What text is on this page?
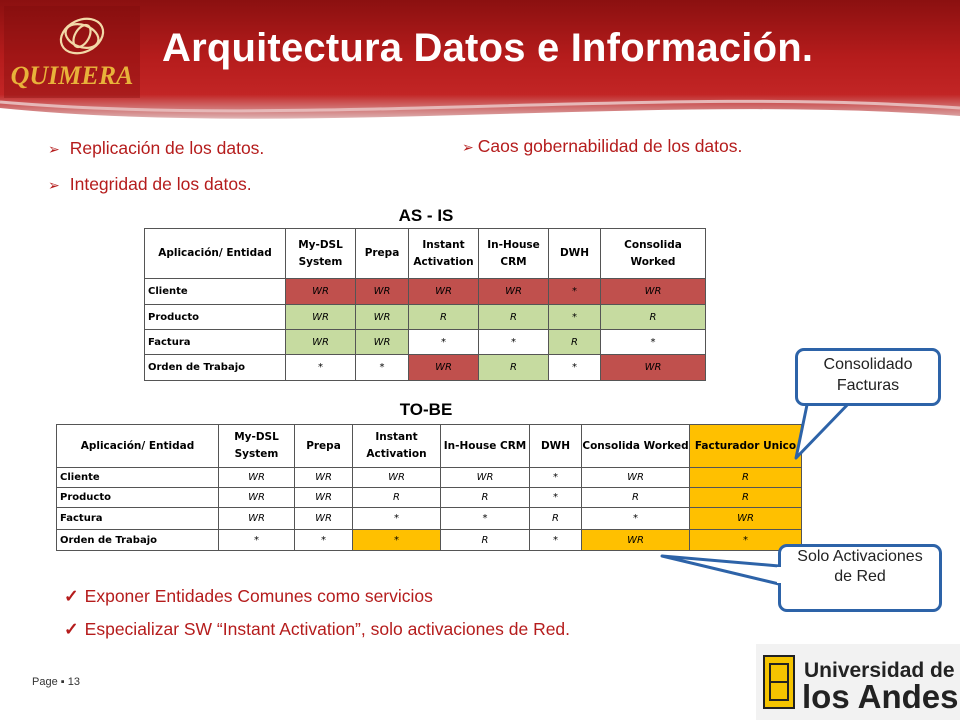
QUIMERA
Arquitectura Datos e Información.
➢ Replicación de los datos.
➢ Integridad de los datos.
➢ Caos gobernabilidad de los datos.
AS - IS
Aplicación/ Entidad	My-DSL System	Prepa	Instant Activation	In-House CRM	DWH	Consolida Worked
Cliente	WR	WR	WR	WR	*	WR
Producto	WR	WR	R	R	*	R
Factura	WR	WR	*	*	R	*
Orden de Trabajo	*	*	WR	R	*	WR
TO-BE
Aplicación/ Entidad	My-DSL System	Prepa	Instant Activation	In-House CRM	DWH	Consolida Worked	Facturador Unico
Cliente	WR	WR	WR	WR	*	WR	R
Producto	WR	WR	R	R	*	R	R
Factura	WR	WR	*	*	R	*	WR
Orden de Trabajo	*	*	*	R	*	WR	*
Consolidado Facturas
Solo Activaciones de Red
✓ Exponer Entidades Comunes como servicios
✓ Especializar SW “Instant Activation”, solo activaciones de Red.
Page ▪ 13	Universidad de
los Andes
